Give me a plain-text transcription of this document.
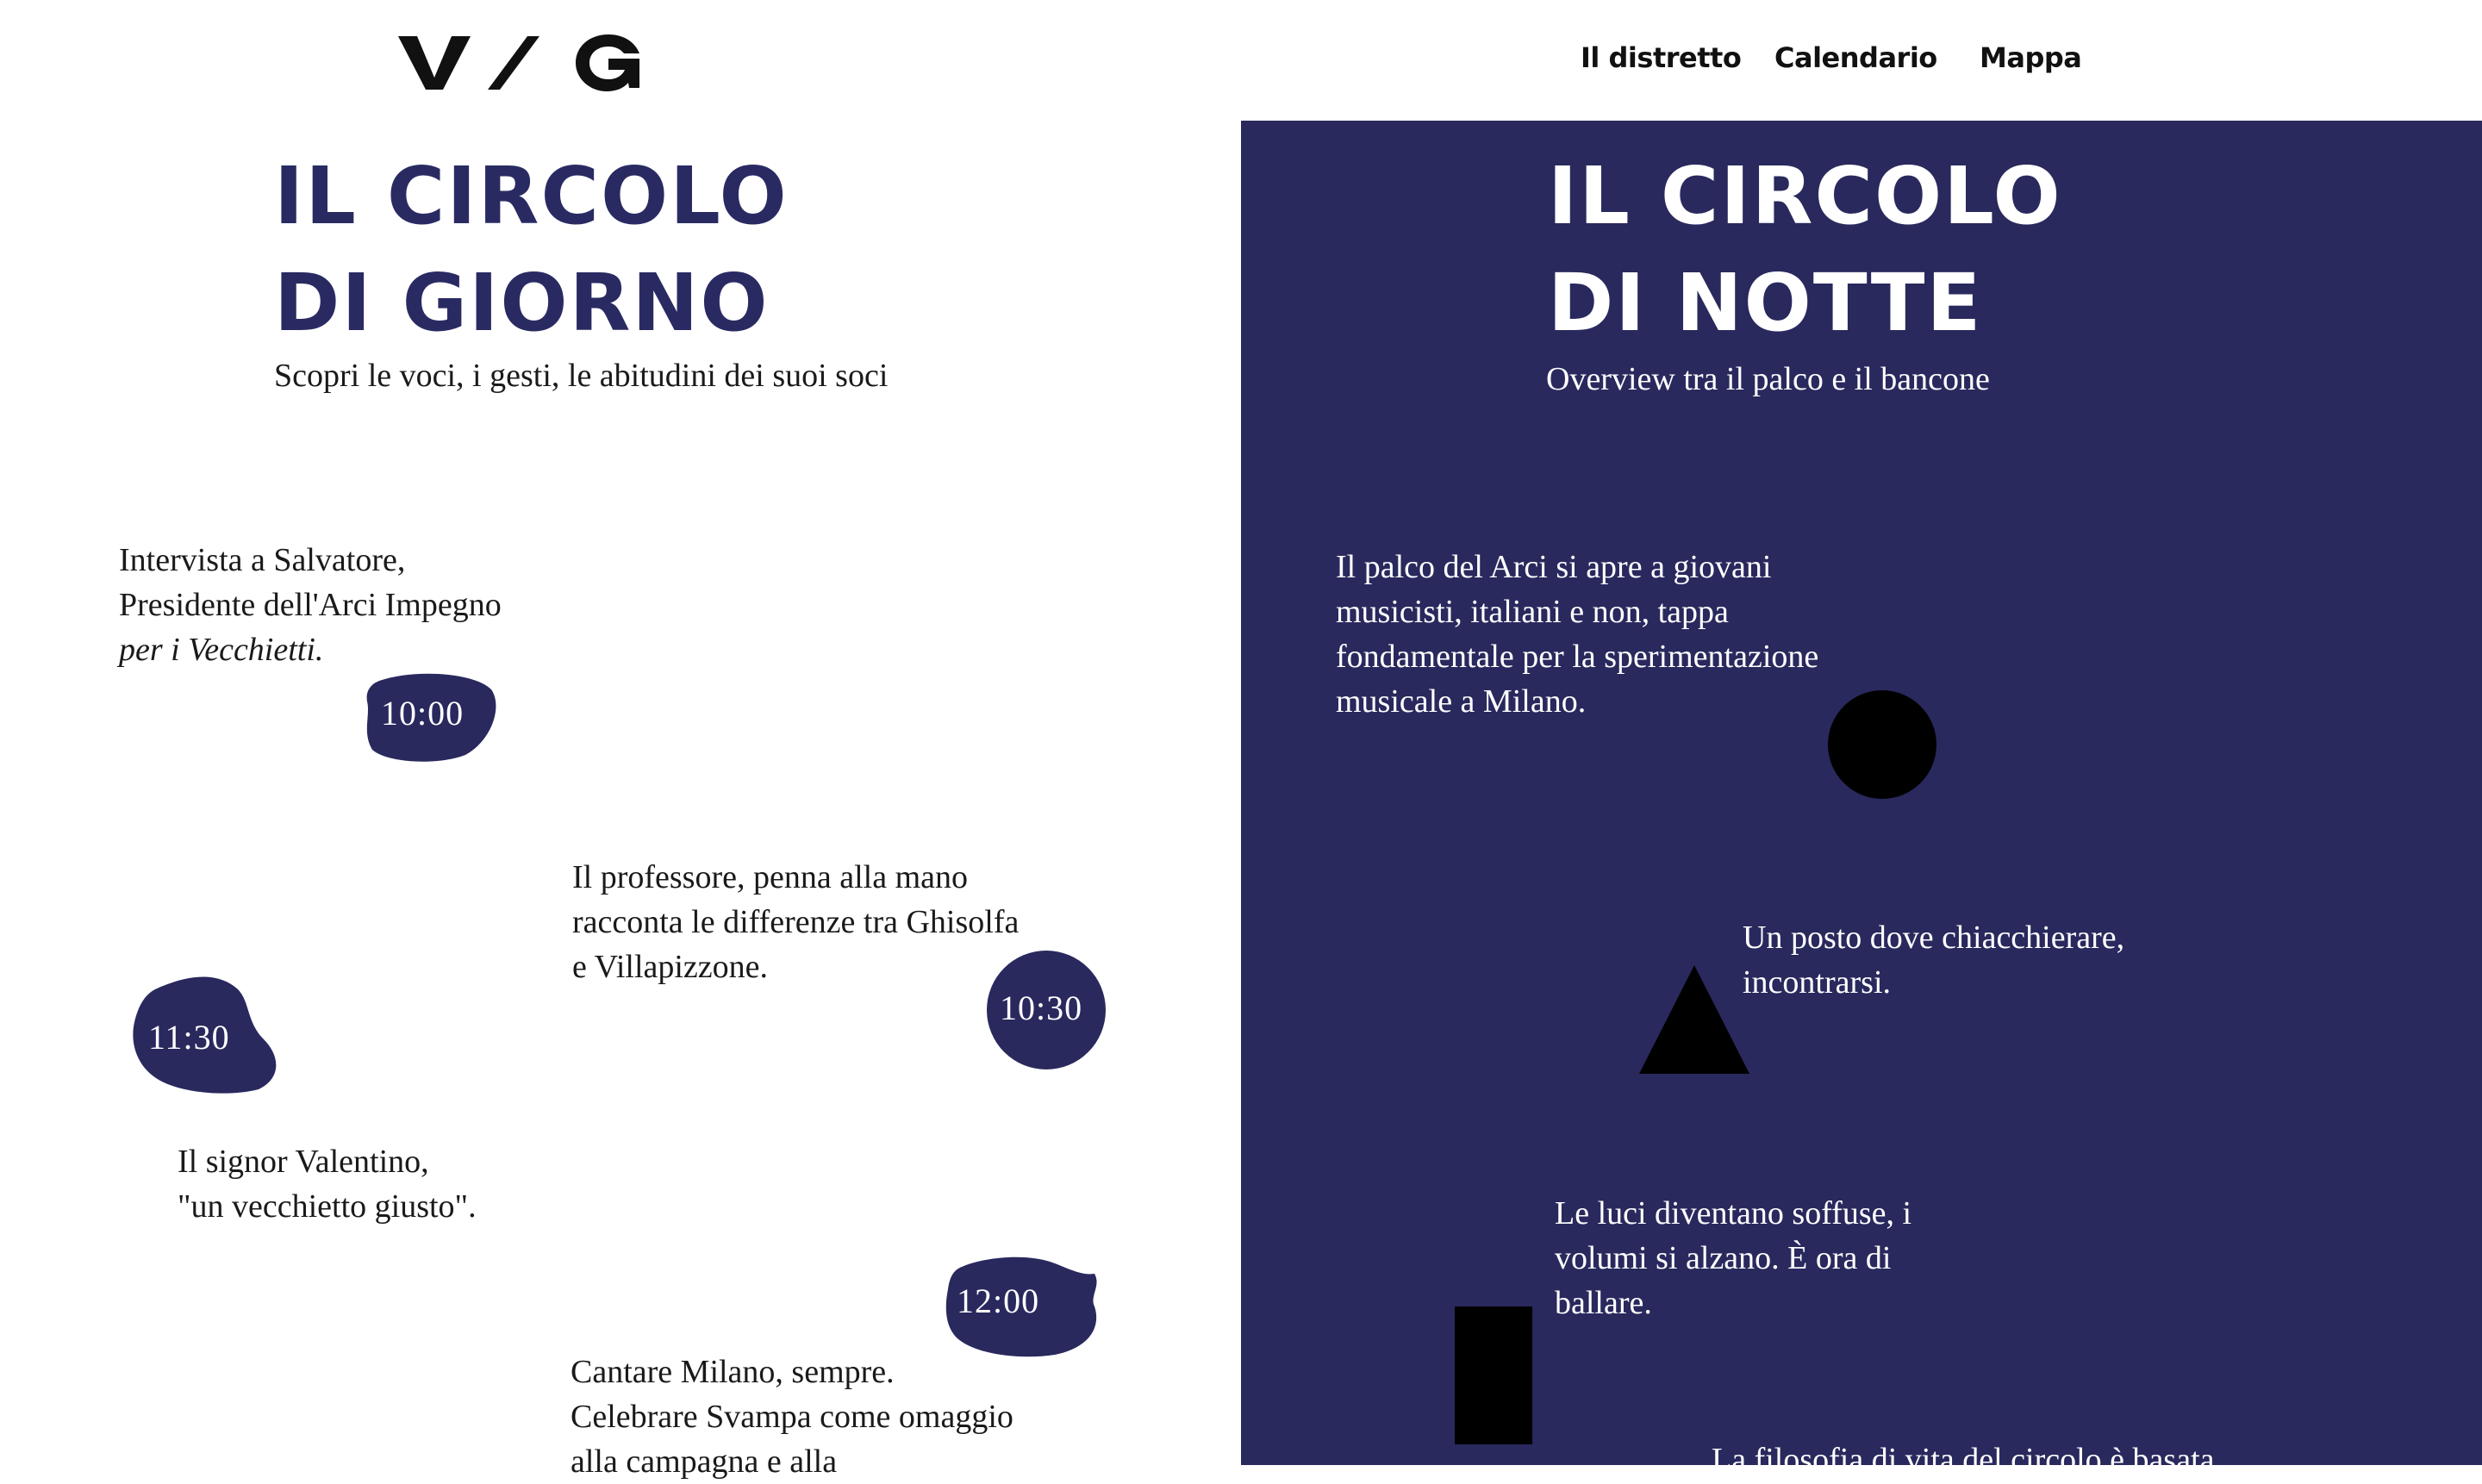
Il distretto Calendario Mappa
IL CIRCOLO
DI GIORNO
Scopri le voci, i gesti, le abitudini dei suoi soci
Intervista a Salvatore,
Presidente dell'Arci Impegno
per i Vecchietti.
10:00
Il professore, penna alla mano
racconta le differenze tra Ghisolfa
e Villapizzone.
10:30
11:30
Il signor Valentino,
"un vecchietto giusto".
12:00
Cantare Milano, sempre.
Celebrare Svampa come omaggio
alla campagna e alla
IL CIRCOLO
DI NOTTE
Overview tra il palco e il bancone
Il palco del Arci si apre a giovani
musicisti, italiani e non, tappa
fondamentale per la sperimentazione
musicale a Milano.
Un posto dove chiacchierare,
incontrarsi.
Le luci diventano soffuse, i
volumi si alzano. È ora di
ballare.
La filosofia di vita del circolo è basata
